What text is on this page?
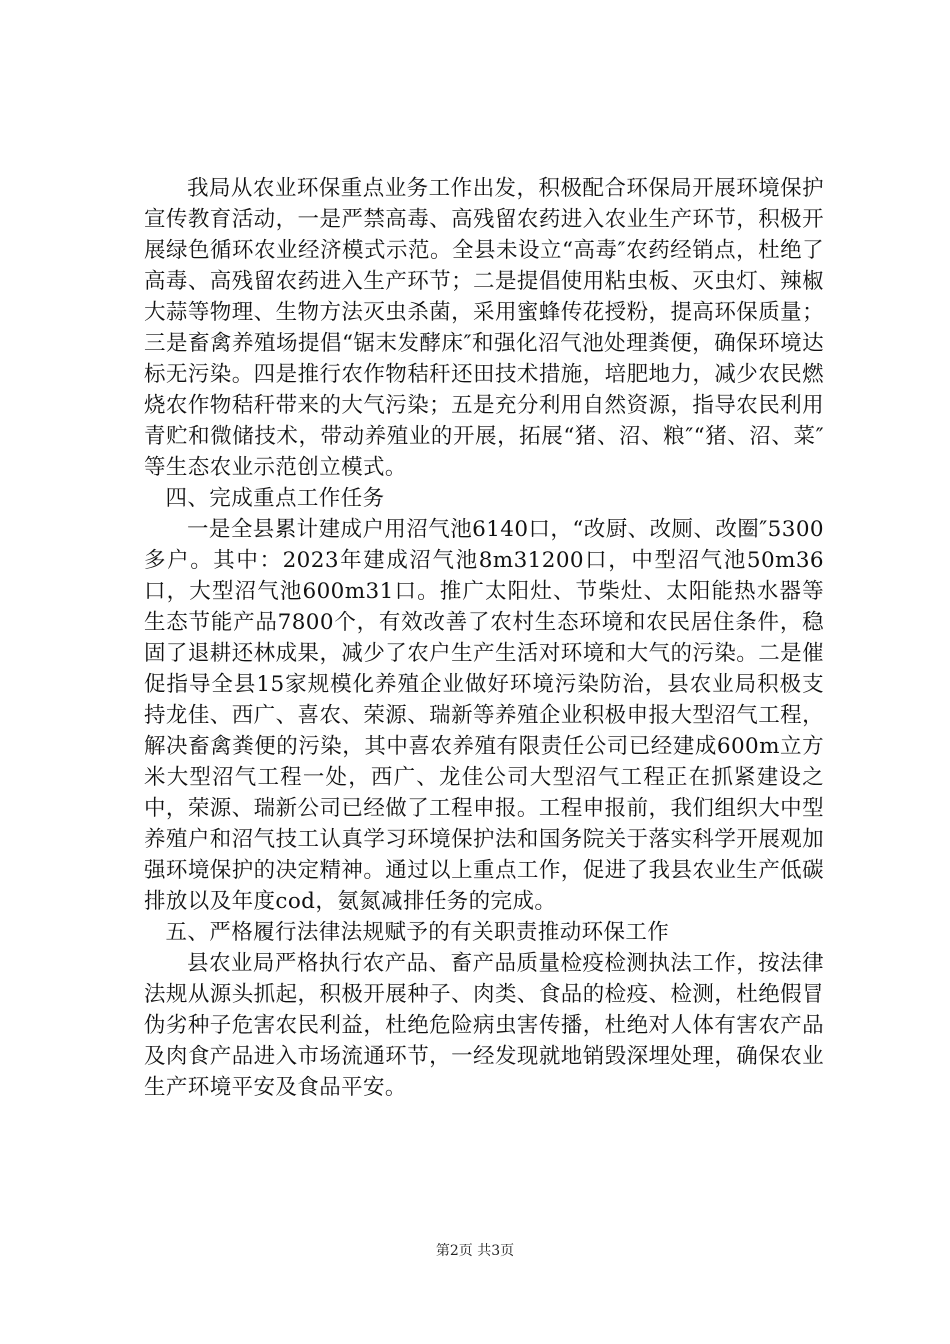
我局从农业环保重点业务工作出发，积极配合环保局开展环境保护宣传教育活动，一是严禁高毒、高残留农药进入农业生产环节，积极开展绿色循环农业经济模式示范。全县未设立“高毒″农药经销点，杜绝了高毒、高残留农药进入生产环节；二是提倡使用粘虫板、灭虫灯、辣椒大蒜等物理、生物方法灭虫杀菌，采用蜜蜂传花授粉，提高环保质量；三是畜禽养殖场提倡“锯末发酵床″和强化沼气池处理粪便，确保环境达标无污染。四是推行农作物秸秆还田技术措施，培肥地力，减少农民燃烧农作物秸秆带来的大气污染；五是充分利用自然资源，指导农民利用青贮和微储技术，带动养殖业的开展，拓展“猪、沼、粮″“猪、沼、菜″等生态农业示范创立模式。

四、完成重点工作任务

一是全县累计建成户用沼气池6140口，“改厨、改厕、改圈″5300多户。其中：2023年建成沼气池8m31200口，中型沼气池50m36口，大型沼气池600m31口。推广太阳灶、节柴灶、太阳能热水器等生态节能产品7800个，有效改善了农村生态环境和农民居住条件，稳固了退耕还林成果，减少了农户生产生活对环境和大气的污染。二是催促指导全县15家规模化养殖企业做好环境污染防治，县农业局积极支持龙佳、西广、喜农、荣源、瑞新等养殖企业积极申报大型沼气工程，解决畜禽粪便的污染，其中喜农养殖有限责任公司已经建成600m立方米大型沼气工程一处，西广、龙佳公司大型沼气工程正在抓紧建设之中，荣源、瑞新公司已经做了工程申报。工程申报前，我们组织大中型养殖户和沼气技工认真学习环境保护法和国务院关于落实科学开展观加强环境保护的决定精神。通过以上重点工作，促进了我县农业生产低碳排放以及年度cod，氨氮减排任务的完成。

五、严格履行法律法规赋予的有关职责推动环保工作

县农业局严格执行农产品、畜产品质量检疫检测执法工作，按法律法规从源头抓起，积极开展种子、肉类、食品的检疫、检测，杜绝假冒伪劣种子危害农民利益，杜绝危险病虫害传播，杜绝对人体有害农产品及肉食产品进入市场流通环节，一经发现就地销毁深埋处理，确保农业生产环境平安及食品平安。

第2页 共3页
